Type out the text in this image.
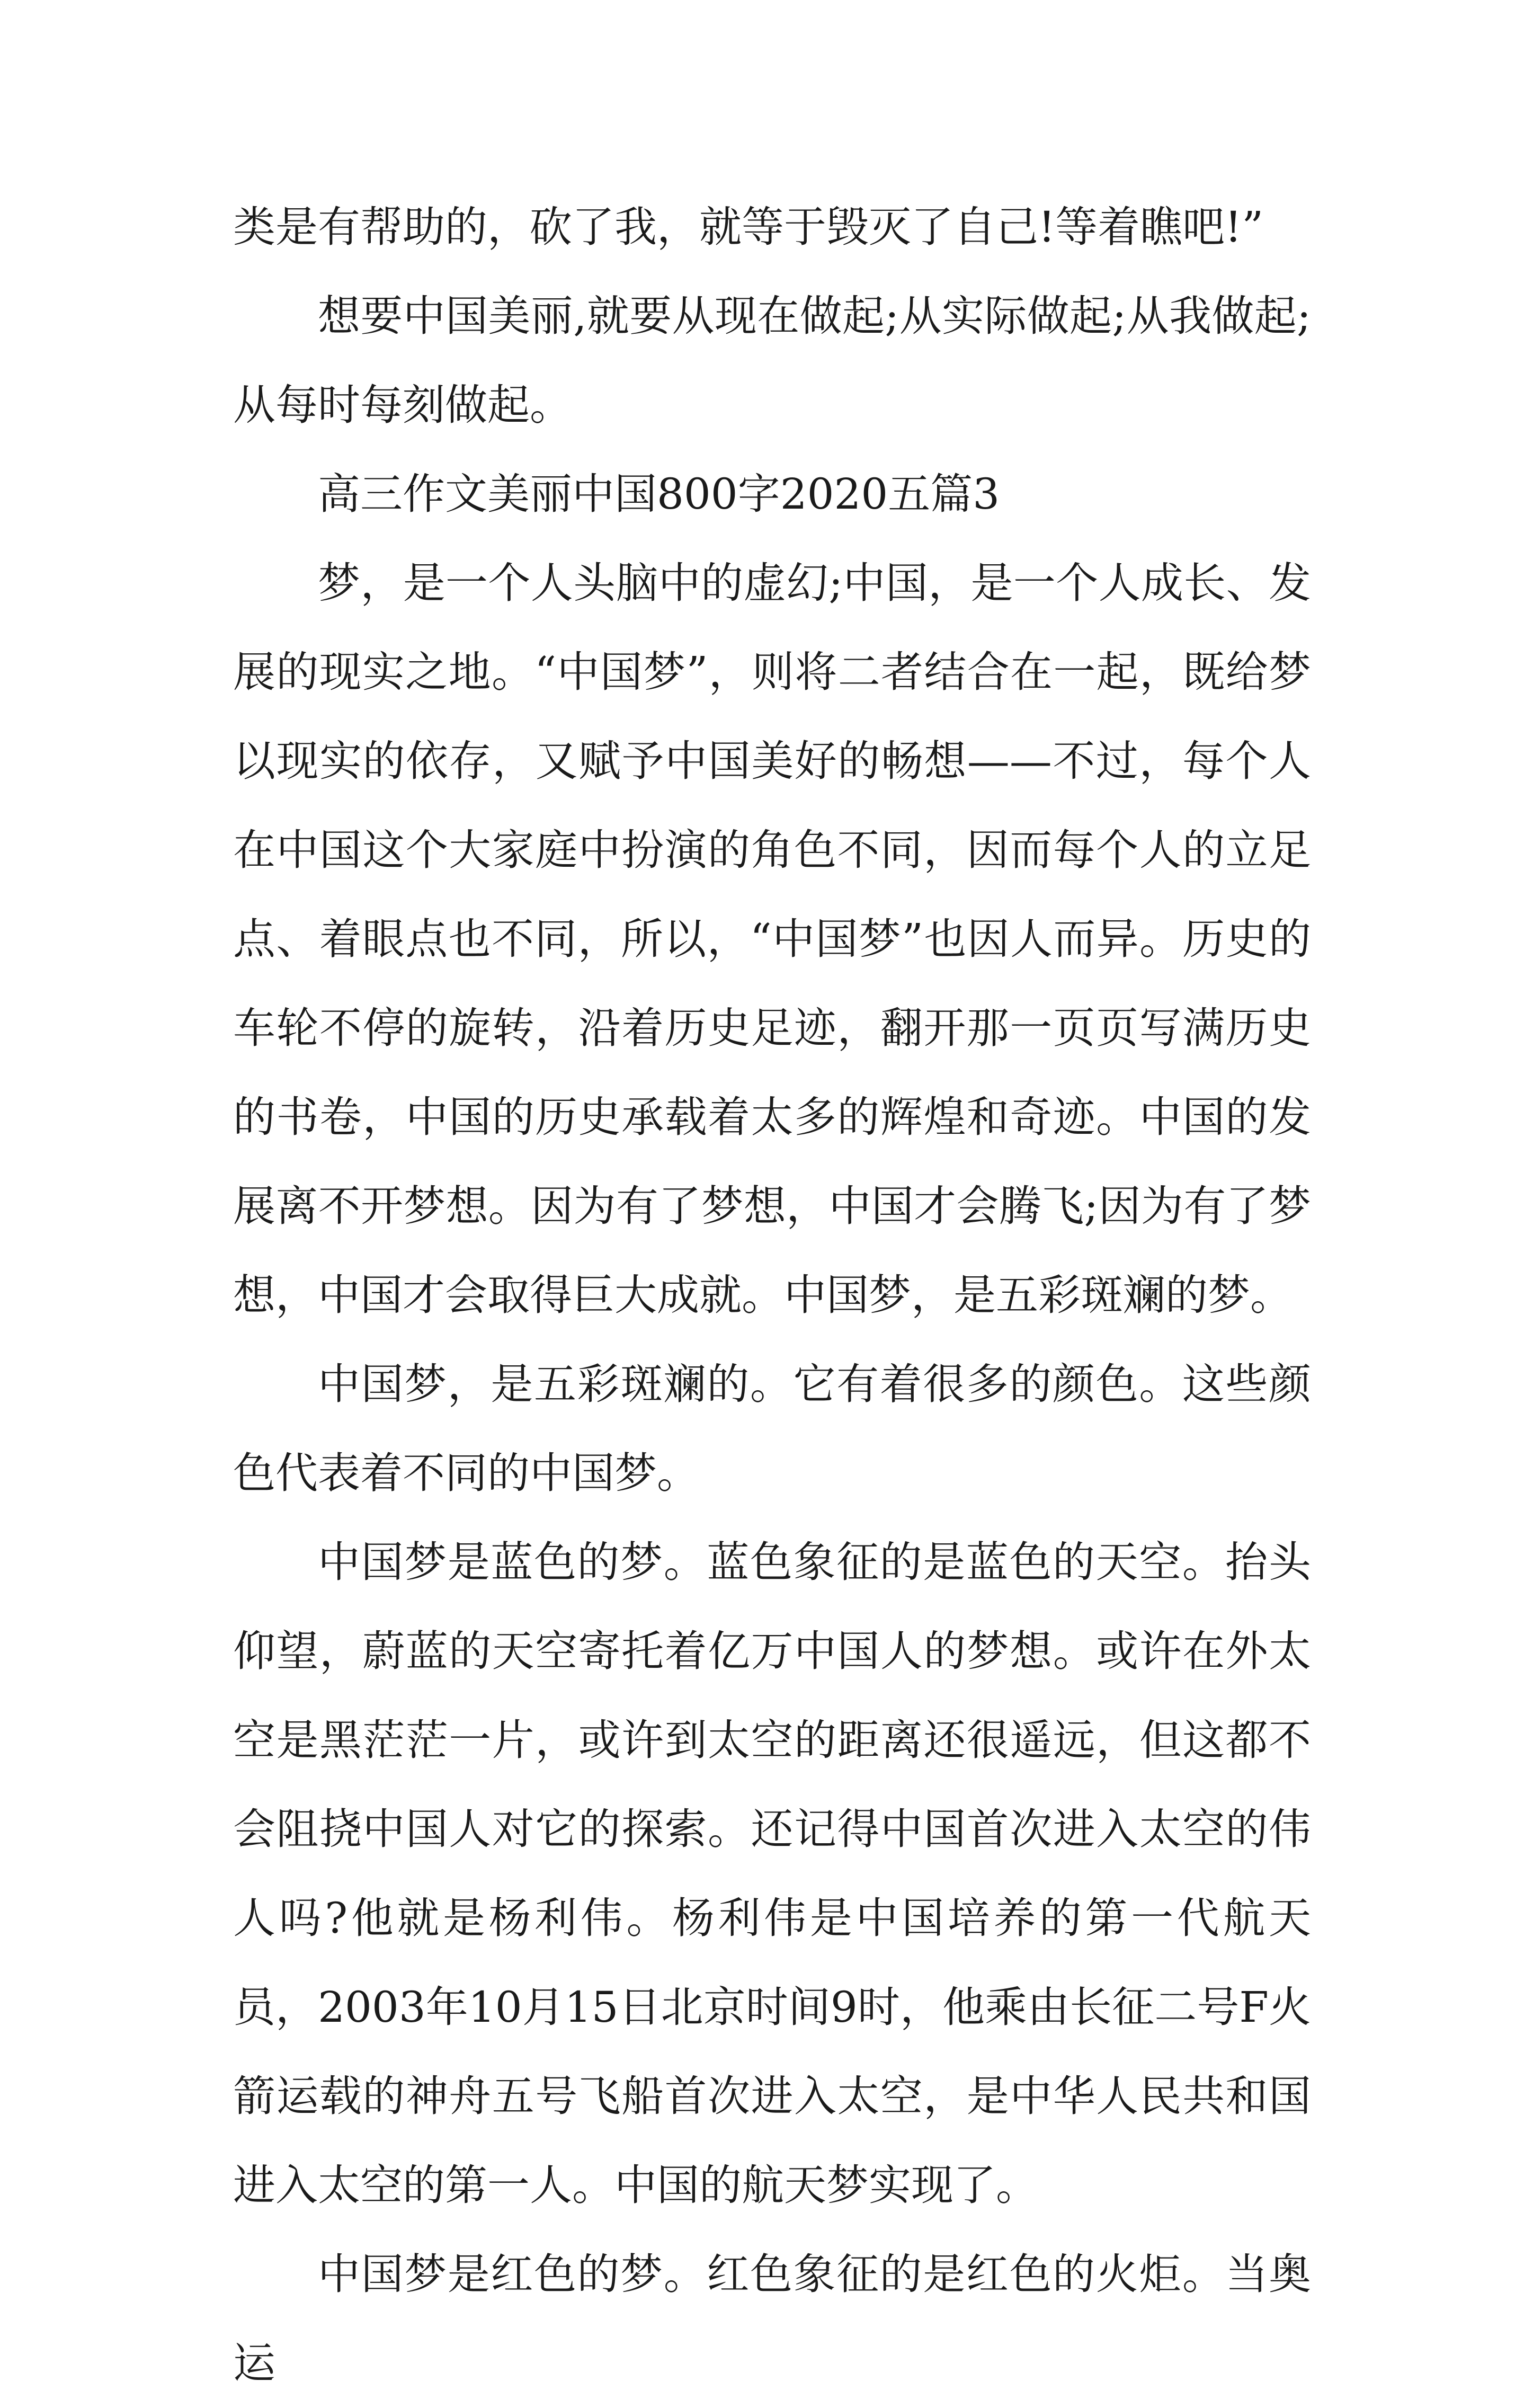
类是有帮助的，砍了我，就等于毁灭了自己!等着瞧吧!”

想要中国美丽,就要从现在做起;从实际做起;从我做起;从每时每刻做起。

高三作文美丽中国800字2020五篇3

梦，是一个人头脑中的虚幻;中国，是一个人成长、发展的现实之地。“中国梦”，则将二者结合在一起，既给梦以现实的依存，又赋予中国美好的畅想——不过，每个人在中国这个大家庭中扮演的角色不同，因而每个人的立足点、着眼点也不同，所以，“中国梦”也因人而异。历史的车轮不停的旋转，沿着历史足迹，翻开那一页页写满历史的书卷，中国的历史承载着太多的辉煌和奇迹。中国的发展离不开梦想。因为有了梦想，中国才会腾飞;因为有了梦想，中国才会取得巨大成就。中国梦，是五彩斑斓的梦。

中国梦，是五彩斑斓的。它有着很多的颜色。这些颜色代表着不同的中国梦。

中国梦是蓝色的梦。蓝色象征的是蓝色的天空。抬头仰望，蔚蓝的天空寄托着亿万中国人的梦想。或许在外太空是黑茫茫一片，或许到太空的距离还很遥远，但这都不会阻挠中国人对它的探索。还记得中国首次进入太空的伟人吗?他就是杨利伟。杨利伟是中国培养的第一代航天员，2003年10月15日北京时间9时，他乘由长征二号F火箭运载的神舟五号飞船首次进入太空，是中华人民共和国进入太空的第一人。中国的航天梦实现了。

中国梦是红色的梦。红色象征的是红色的火炬。当奥运
